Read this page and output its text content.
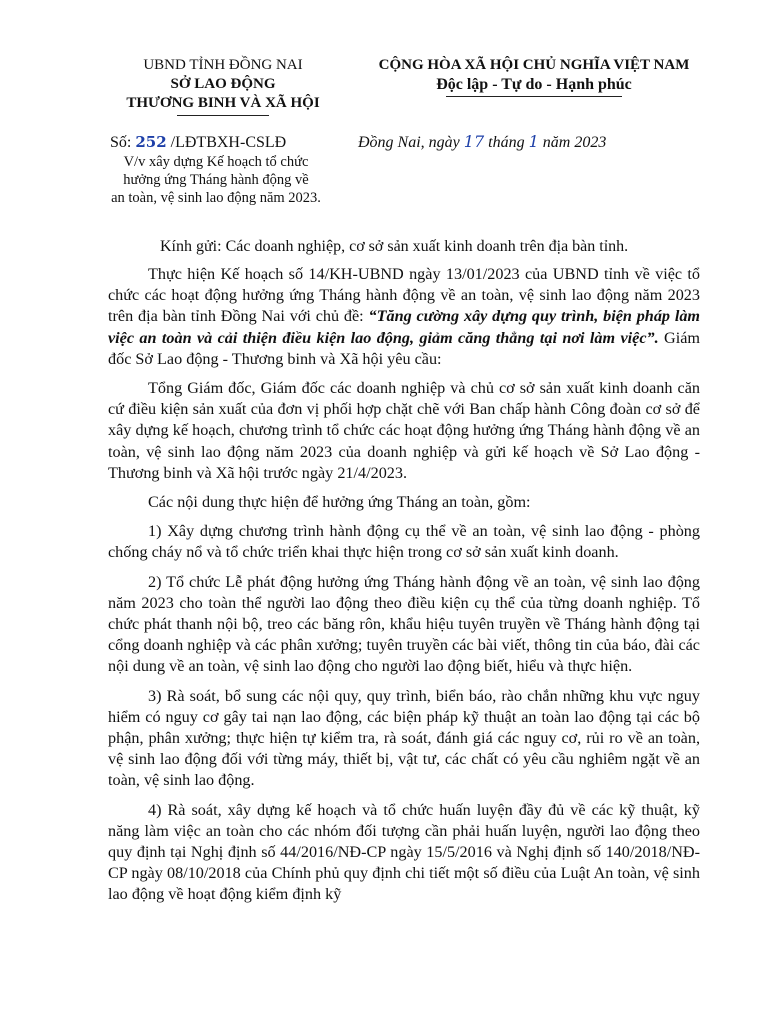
UBND TỈNH ĐỒNG NAI
SỞ LAO ĐỘNG
THƯƠNG BINH VÀ XÃ HỘI
CỘNG HÒA XÃ HỘI CHỦ NGHĨA VIỆT NAM
Độc lập - Tự do - Hạnh phúc
Số: 252 /LĐTBXH-CSLĐ	Đồng Nai, ngày 17 tháng 1 năm 2023
V/v xây dựng Kế hoạch tổ chức
hưởng ứng Tháng hành động về
an toàn, vệ sinh lao động năm 2023.
Kính gửi: Các doanh nghiệp, cơ sở sản xuất kinh doanh trên địa bàn tỉnh.

Thực hiện Kế hoạch số 14/KH-UBND ngày 13/01/2023 của UBND tỉnh về việc tổ chức các hoạt động hưởng ứng Tháng hành động về an toàn, vệ sinh lao động năm 2023 trên địa bàn tỉnh Đồng Nai với chủ đề: “Tăng cường xây dựng quy trình, biện pháp làm việc an toàn và cải thiện điều kiện lao động, giảm căng thẳng tại nơi làm việc”. Giám đốc Sở Lao động - Thương binh và Xã hội yêu cầu:

Tổng Giám đốc, Giám đốc các doanh nghiệp và chủ cơ sở sản xuất kinh doanh căn cứ điều kiện sản xuất của đơn vị phối hợp chặt chẽ với Ban chấp hành Công đoàn cơ sở để xây dựng kế hoạch, chương trình tổ chức các hoạt động hưởng ứng Tháng hành động về an toàn, vệ sinh lao động năm 2023 của doanh nghiệp và gửi kế hoạch về Sở Lao động - Thương binh và Xã hội trước ngày 21/4/2023.

Các nội dung thực hiện để hưởng ứng Tháng an toàn, gồm:

1) Xây dựng chương trình hành động cụ thể về an toàn, vệ sinh lao động - phòng chống cháy nổ và tổ chức triển khai thực hiện trong cơ sở sản xuất kinh doanh.

2) Tổ chức Lễ phát động hưởng ứng Tháng hành động về an toàn, vệ sinh lao động năm 2023 cho toàn thể người lao động theo điều kiện cụ thể của từng doanh nghiệp. Tổ chức phát thanh nội bộ, treo các băng rôn, khẩu hiệu tuyên truyền về Tháng hành động tại cổng doanh nghiệp và các phân xưởng; tuyên truyền các bài viết, thông tin của báo, đài các nội dung về an toàn, vệ sinh lao động cho người lao động biết, hiểu và thực hiện.

3) Rà soát, bổ sung các nội quy, quy trình, biển báo, rào chắn những khu vực nguy hiểm có nguy cơ gây tai nạn lao động, các biện pháp kỹ thuật an toàn lao động tại các bộ phận, phân xưởng; thực hiện tự kiểm tra, rà soát, đánh giá các nguy cơ, rủi ro về an toàn, vệ sinh lao động đối với từng máy, thiết bị, vật tư, các chất có yêu cầu nghiêm ngặt về an toàn, vệ sinh lao động.

4) Rà soát, xây dựng kế hoạch và tổ chức huấn luyện đầy đủ về các kỹ thuật, kỹ năng làm việc an toàn cho các nhóm đối tượng cần phải huấn luyện, người lao động theo quy định tại Nghị định số 44/2016/NĐ-CP ngày 15/5/2016 và Nghị định số 140/2018/NĐ-CP ngày 08/10/2018 của Chính phủ quy định chi tiết một số điều của Luật An toàn, vệ sinh lao động về hoạt động kiểm định kỹ
